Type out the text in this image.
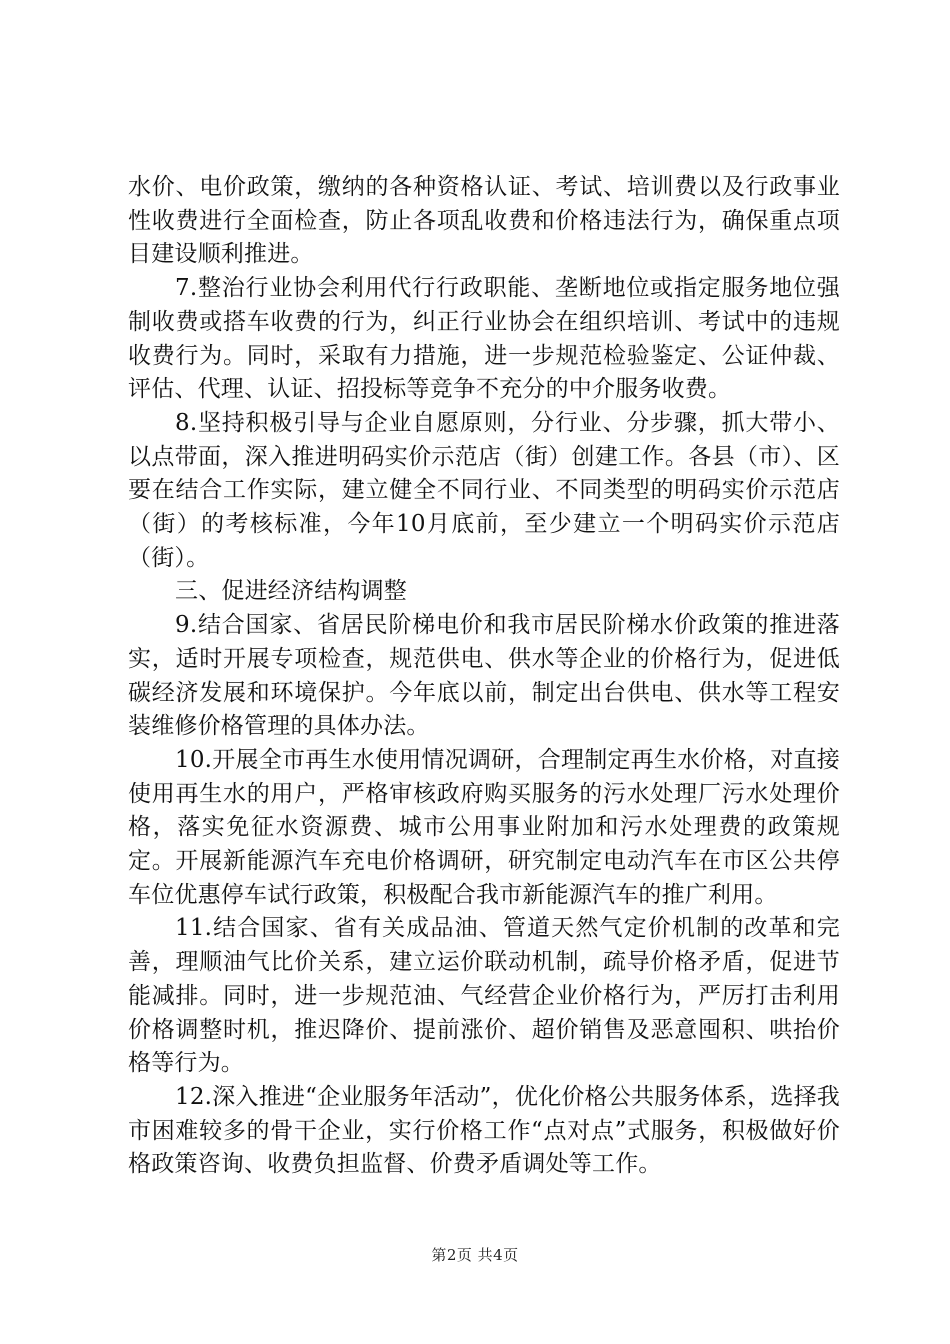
水价、电价政策，缴纳的各种资格认证、考试、培训费以及行政事业性收费进行全面检查，防止各项乱收费和价格违法行为，确保重点项目建设顺利推进。

7.整治行业协会利用代行行政职能、垄断地位或指定服务地位强制收费或搭车收费的行为，纠正行业协会在组织培训、考试中的违规收费行为。同时，采取有力措施，进一步规范检验鉴定、公证仲裁、评估、代理、认证、招投标等竞争不充分的中介服务收费。

8.坚持积极引导与企业自愿原则，分行业、分步骤，抓大带小、以点带面，深入推进明码实价示范店（街）创建工作。各县（市）、区要在结合工作实际，建立健全不同行业、不同类型的明码实价示范店（街）的考核标准，今年10月底前，至少建立一个明码实价示范店（街）。

三、促进经济结构调整

9.结合国家、省居民阶梯电价和我市居民阶梯水价政策的推进落实，适时开展专项检查，规范供电、供水等企业的价格行为，促进低碳经济发展和环境保护。今年底以前，制定出台供电、供水等工程安装维修价格管理的具体办法。

10.开展全市再生水使用情况调研，合理制定再生水价格，对直接使用再生水的用户，严格审核政府购买服务的污水处理厂污水处理价格，落实免征水资源费、城市公用事业附加和污水处理费的政策规定。开展新能源汽车充电价格调研，研究制定电动汽车在市区公共停车位优惠停车试行政策，积极配合我市新能源汽车的推广利用。

11.结合国家、省有关成品油、管道天然气定价机制的改革和完善，理顺油气比价关系，建立运价联动机制，疏导价格矛盾，促进节能减排。同时，进一步规范油、气经营企业价格行为，严厉打击利用价格调整时机，推迟降价、提前涨价、超价销售及恶意囤积、哄抬价格等行为。

12.深入推进“企业服务年活动”，优化价格公共服务体系，选择我市困难较多的骨干企业，实行价格工作“点对点”式服务，积极做好价格政策咨询、收费负担监督、价费矛盾调处等工作。

第2页 共4页
